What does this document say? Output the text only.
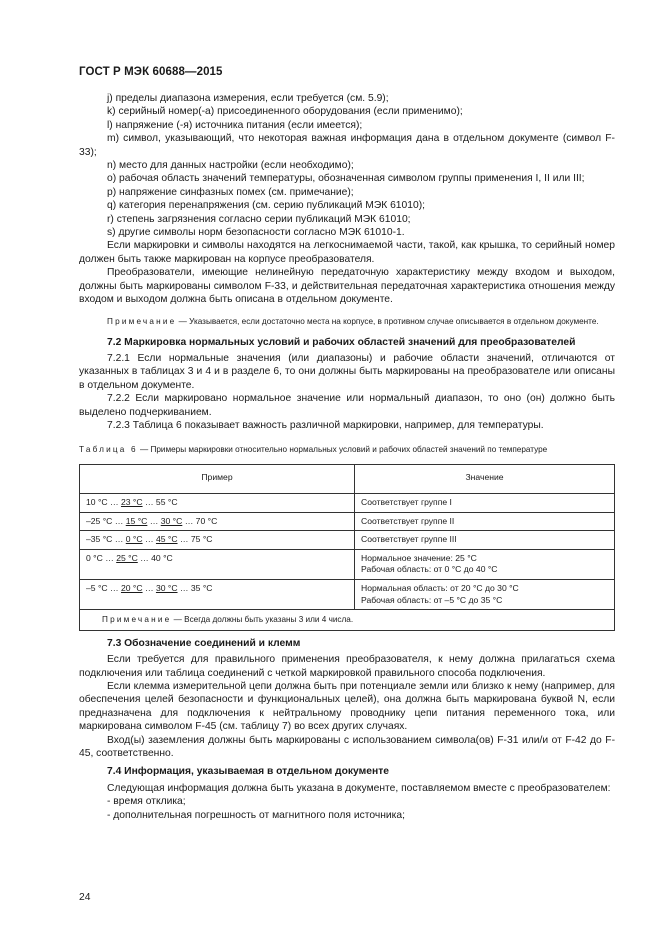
ГОСТ Р МЭК 60688—2015

j) пределы диапазона измерения, если требуется (см. 5.9);

k) серийный номер(-а) присоединенного оборудования (если применимо);

l) напряжение (-я) источника питания (если имеется);

m) символ, указывающий, что некоторая важная информация дана в отдельном документе (символ F-33);

n) место для данных настройки (если необходимо);

o) рабочая область значений температуры, обозначенная символом группы применения I, II или III;

p) напряжение синфазных помех (см. примечание);

q) категория перенапряжения (см. серию публикаций МЭК 61010);

r) степень загрязнения согласно серии публикаций МЭК 61010;

s) другие символы норм безопасности согласно МЭК 61010-1.

Если маркировки и символы находятся на легкоснимаемой части, такой, как крышка, то серийный номер должен быть также маркирован на корпусе преобразователя.

Преобразователи, имеющие нелинейную передаточную характеристику между входом и выходом, должны быть маркированы символом F-33, и действительная передаточная характеристика отношения между входом и выходом должна быть описана в отдельном документе.

Примечание — Указывается, если достаточно места на корпусе, в противном случае описывается в отдельном документе.

7.2 Маркировка нормальных условий и рабочих областей значений для преобразователей

7.2.1 Если нормальные значения (или диапазоны) и рабочие области значений, отличаются от указанных в таблицах 3 и 4 и в разделе 6, то они должны быть маркированы на преобразователе или описаны в отдельном документе.

7.2.2 Если маркировано нормальное значение или нормальный диапазон, то оно (он) должно быть выделено подчеркиванием.

7.2.3 Таблица 6 показывает важность различной маркировки, например, для температуры.

Таблица 6 — Примеры маркировки относительно нормальных условий и рабочих областей значений по температуре

Пример	Значение
10 °С … 23 °С … 55 °С	Соответствует группе I

–25 °С … 15 °С … 30 °С … 70 °С	Соответствует группе II

–35 °С … 0 °С … 45 °С … 75 °С	Соответствует группе III

0 °С … 25 °С … 40 °С	Нормальное значение: 25 °С
Рабочая область: от 0 °С до 40 °С

–5 °С … 20 °С … 30 °С … 35 °С	Нормальная область: от 20 °С до 30 °С
Рабочая область: от –5 °С до 35 °С

Примечание — Всегда должны быть указаны 3 или 4 числа.	

7.3 Обозначение соединений и клемм

Если требуется для правильного применения преобразователя, к нему должна прилагаться схема подключения или таблица соединений с четкой маркировкой правильного способа подключения.

Если клемма измерительной цепи должна быть при потенциале земли или близко к нему (например, для обеспечения целей безопасности и функциональных целей), она должна быть маркирована буквой N, если предназначена для подключения к нейтральному проводнику цепи питания переменного тока, или маркирована символом F-45 (см. таблицу 7) во всех других случаях.

Вход(ы) заземления должны быть маркированы с использованием символа(ов) F-31 или/и от F-42 до F-45, соответственно.

7.4 Информация, указываемая в отдельном документе

Следующая информация должна быть указана в документе, поставляемом вместе с преобразователем:

- время отклика;

- дополнительная погрешность от магнитного поля источника;

24
